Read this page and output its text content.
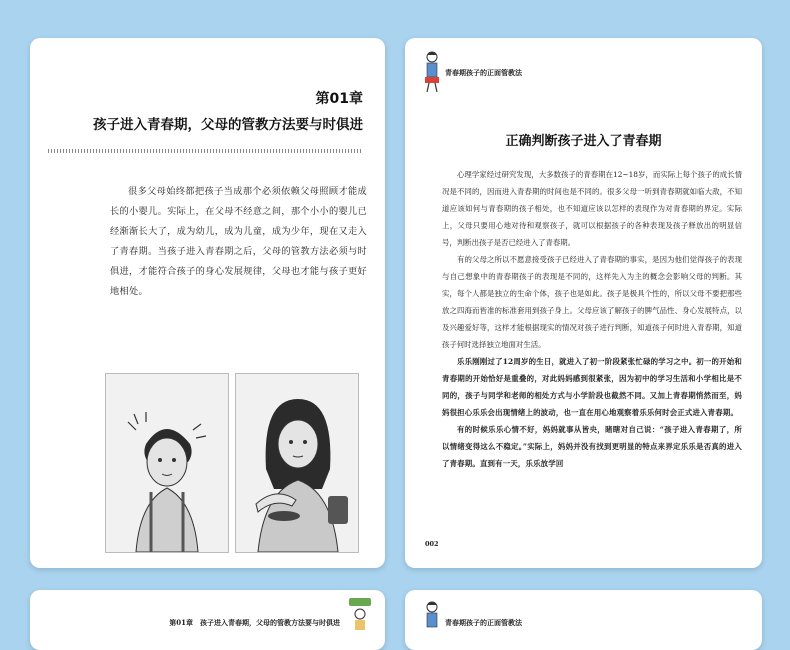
第01章
孩子进入青春期，父母的管教方法要与时俱进
很多父母始终都把孩子当成那个必须依赖父母照顾才能成长的小婴儿。实际上，在父母不经意之间，那个小小的婴儿已经渐渐长大了，成为幼儿，成为儿童，成为少年，现在又走入了青春期。当孩子进入青春期之后，父母的管教方法必须与时俱进，才能符合孩子的身心发展规律，父母也才能与孩子更好地相处。
青春期孩子的正面管教法
正确判断孩子进入了青春期

心理学家经过研究发现，大多数孩子的青春期在12~18岁，而实际上每个孩子的成长情况是不同的，因而进入青春期的时间也是不同的。很多父母一听到青春期就如临大敌，不知道应该如何与青春期的孩子相处，也不知道应该以怎样的表现作为对青春期的界定。实际上，父母只要用心地对待和观察孩子，就可以根据孩子的各种表现及孩子释放出的明显信号，判断出孩子是否已经进入了青春期。

有的父母之所以不愿意接受孩子已经进入了青春期的事实，是因为他们觉得孩子的表现与自己想象中的青春期孩子的表现是不同的，这样先入为主的概念会影响父母的判断。其实，每个人都是独立的生命个体，孩子也是如此。孩子是极具个性的，所以父母不要把那些放之四海而皆准的标准套用到孩子身上。父母应该了解孩子的脾气品性、身心发展特点，以及兴趣爱好等，这样才能根据现实的情况对孩子进行判断，知道孩子何时进入青春期，知道孩子何时选择独立地面对生活。

乐乐刚刚过了12周岁的生日，就进入了初一阶段紧张忙碌的学习之中。初一的开始和青春期的开始恰好是重叠的，对此妈妈感到很紧张，因为初中的学习生活和小学相比是不同的，孩子与同学和老师的相处方式与小学阶段也截然不同。又加上青春期悄然而至，妈妈很担心乐乐会出现情绪上的波动，也一直在用心地观察着乐乐何时会正式进入青春期。

有的时候乐乐心情不好，妈妈就事从皆央，睹瞎对自己说：“孩子进入青春期了，所以情绪变得这么不稳定。”实际上，妈妈并没有找到更明显的特点来界定乐乐是否真的进入了青春期。直到有一天，乐乐放学回

002
第01章　孩子进入青春期，父母的管教方法要与时俱进	青春期孩子的正面管教法
